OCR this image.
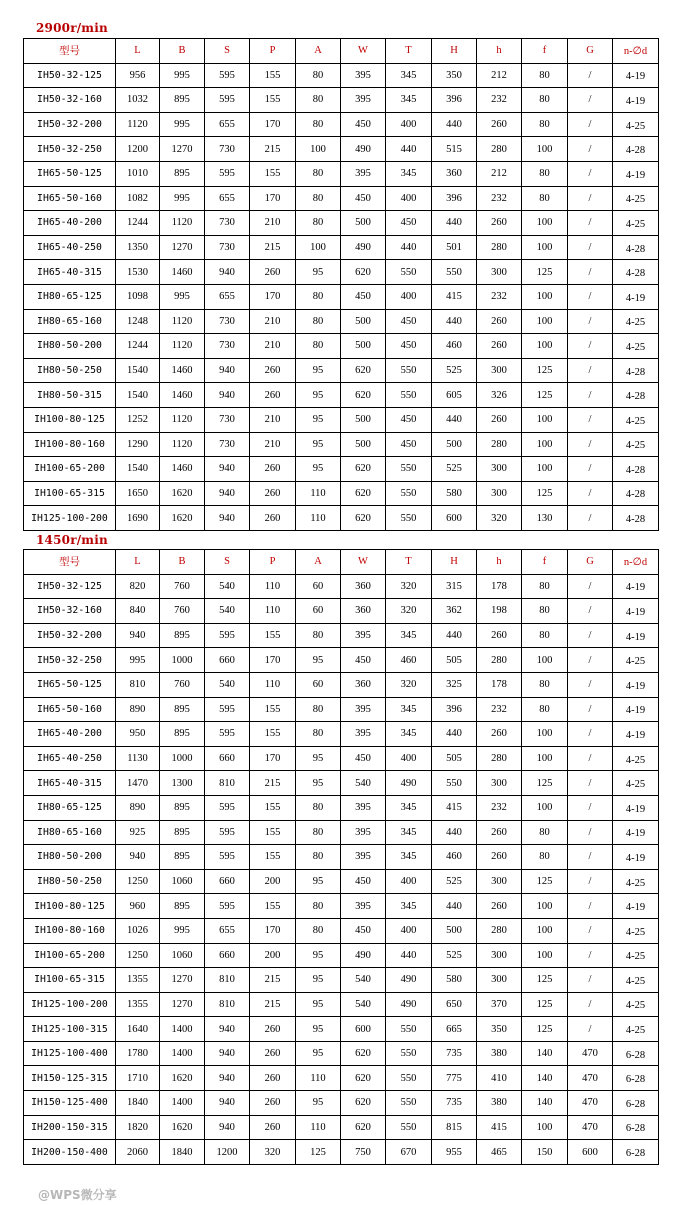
2900r/min
型号	L	B	S	P	A	W	T	H	h	f	G	n-∅d
IH50-32-125	956	995	595	155	80	395	345	350	212	80	/	4-19
IH50-32-160	1032	895	595	155	80	395	345	396	232	80	/	4-19
IH50-32-200	1120	995	655	170	80	450	400	440	260	80	/	4-25
IH50-32-250	1200	1270	730	215	100	490	440	515	280	100	/	4-28
IH65-50-125	1010	895	595	155	80	395	345	360	212	80	/	4-19
IH65-50-160	1082	995	655	170	80	450	400	396	232	80	/	4-25
IH65-40-200	1244	1120	730	210	80	500	450	440	260	100	/	4-25
IH65-40-250	1350	1270	730	215	100	490	440	501	280	100	/	4-28
IH65-40-315	1530	1460	940	260	95	620	550	550	300	125	/	4-28
IH80-65-125	1098	995	655	170	80	450	400	415	232	100	/	4-19
IH80-65-160	1248	1120	730	210	80	500	450	440	260	100	/	4-25
IH80-50-200	1244	1120	730	210	80	500	450	460	260	100	/	4-25
IH80-50-250	1540	1460	940	260	95	620	550	525	300	125	/	4-28
IH80-50-315	1540	1460	940	260	95	620	550	605	326	125	/	4-28
IH100-80-125	1252	1120	730	210	95	500	450	440	260	100	/	4-25
IH100-80-160	1290	1120	730	210	95	500	450	500	280	100	/	4-25
IH100-65-200	1540	1460	940	260	95	620	550	525	300	100	/	4-28
IH100-65-315	1650	1620	940	260	110	620	550	580	300	125	/	4-28
IH125-100-200	1690	1620	940	260	110	620	550	600	320	130	/	4-28
1450r/min
型号	L	B	S	P	A	W	T	H	h	f	G	n-∅d
IH50-32-125	820	760	540	110	60	360	320	315	178	80	/	4-19
IH50-32-160	840	760	540	110	60	360	320	362	198	80	/	4-19
IH50-32-200	940	895	595	155	80	395	345	440	260	80	/	4-19
IH50-32-250	995	1000	660	170	95	450	460	505	280	100	/	4-25
IH65-50-125	810	760	540	110	60	360	320	325	178	80	/	4-19
IH65-50-160	890	895	595	155	80	395	345	396	232	80	/	4-19
IH65-40-200	950	895	595	155	80	395	345	440	260	100	/	4-19
IH65-40-250	1130	1000	660	170	95	450	400	505	280	100	/	4-25
IH65-40-315	1470	1300	810	215	95	540	490	550	300	125	/	4-25
IH80-65-125	890	895	595	155	80	395	345	415	232	100	/	4-19
IH80-65-160	925	895	595	155	80	395	345	440	260	80	/	4-19
IH80-50-200	940	895	595	155	80	395	345	460	260	80	/	4-19
IH80-50-250	1250	1060	660	200	95	450	400	525	300	125	/	4-25
IH100-80-125	960	895	595	155	80	395	345	440	260	100	/	4-19
IH100-80-160	1026	995	655	170	80	450	400	500	280	100	/	4-25
IH100-65-200	1250	1060	660	200	95	490	440	525	300	100	/	4-25
IH100-65-315	1355	1270	810	215	95	540	490	580	300	125	/	4-25
IH125-100-200	1355	1270	810	215	95	540	490	650	370	125	/	4-25
IH125-100-315	1640	1400	940	260	95	600	550	665	350	125	/	4-25
IH125-100-400	1780	1400	940	260	95	620	550	735	380	140	470	6-28
IH150-125-315	1710	1620	940	260	110	620	550	775	410	140	470	6-28
IH150-125-400	1840	1400	940	260	95	620	550	735	380	140	470	6-28
IH200-150-315	1820	1620	940	260	110	620	550	815	415	100	470	6-28
IH200-150-400	2060	1840	1200	320	125	750	670	955	465	150	600	6-28
@WPS微分享
